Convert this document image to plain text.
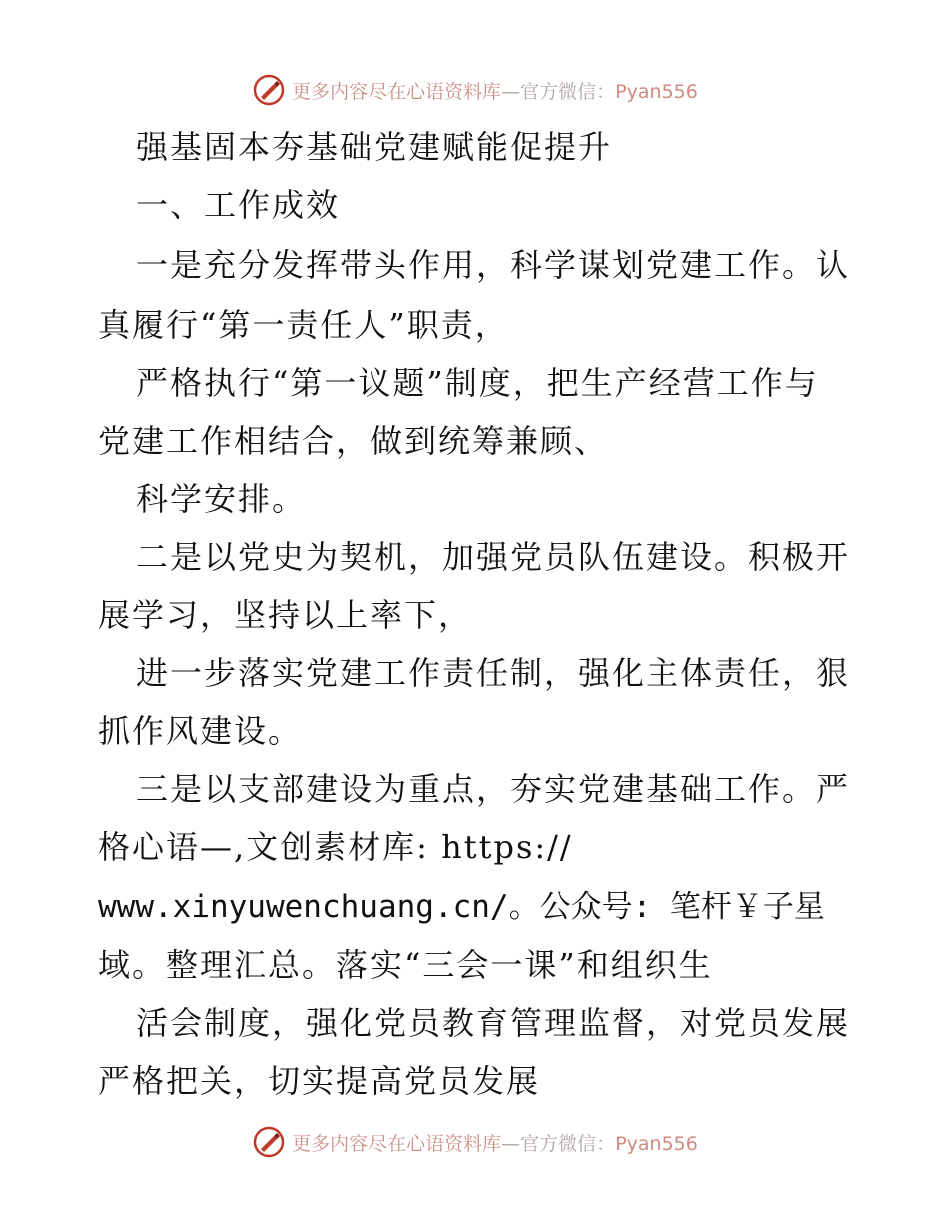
更多内容尽在心语资料库—官方微信：Pyan556
强基固本夯基础党建赋能促提升
一、工作成效
一是充分发挥带头作用，科学谋划党建工作。认
真履行“第一责任人”职责，
严格执行“第一议题”制度，把生产经营工作与
党建工作相结合，做到统筹兼顾、
科学安排。
二是以党史为契机，加强党员队伍建设。积极开
展学习，坚持以上率下，
进一步落实党建工作责任制，强化主体责任，狠
抓作风建设。
三是以支部建设为重点，夯实党建基础工作。严
格心语—,文创素材库: https://
www.xinyuwenchuang.cn/。公众号: 笔杆￥子星
域。整理汇总。落实“三会一课”和组织生
活会制度，强化党员教育管理监督，对党员发展
严格把关，切实提高党员发展
更多内容尽在心语资料库—官方微信：Pyan556
